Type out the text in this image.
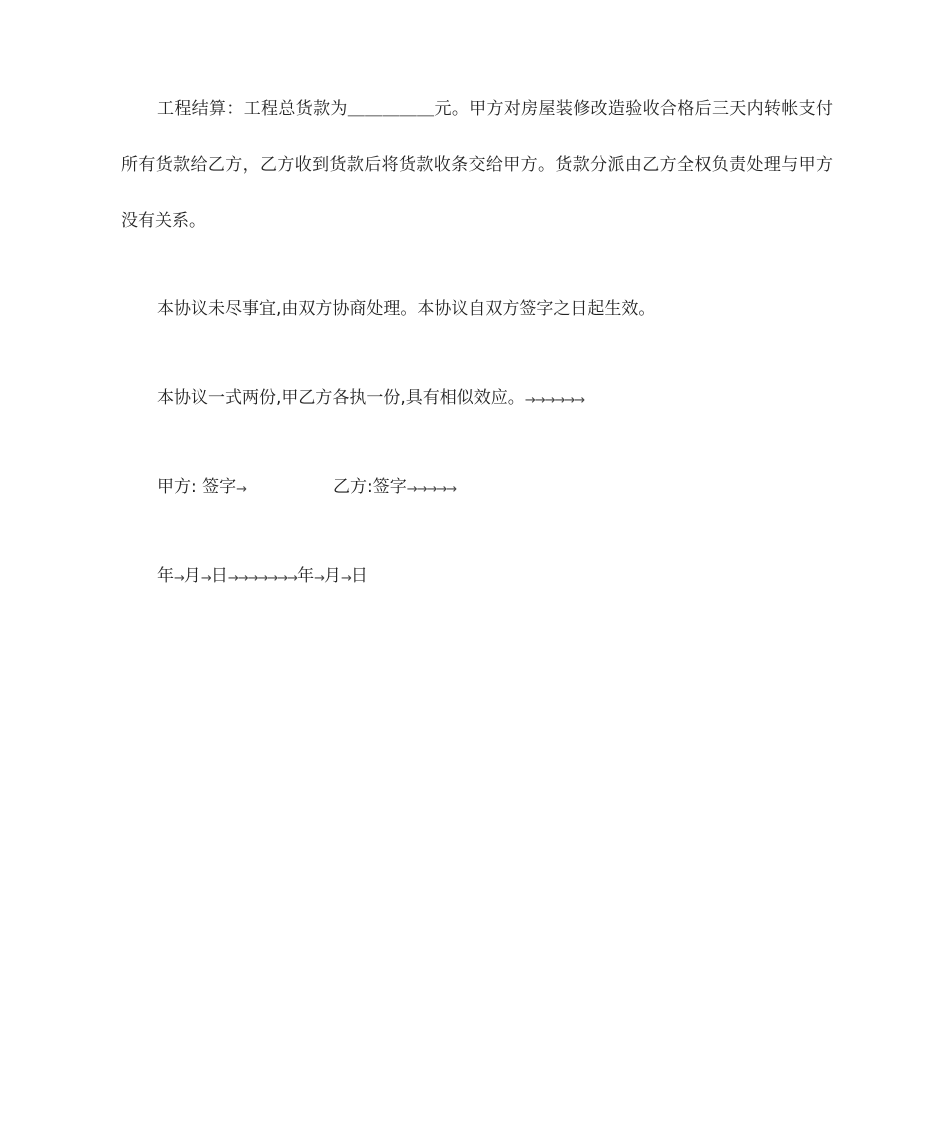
工程结算：工程总货款为＿＿＿＿＿元。甲方对房屋装修改造验收合格后三天内转帐支付所有货款给乙方，乙方收到货款后将货款收条交给甲方。货款分派由乙方全权负责处理与甲方没有关系。

本协议未尽事宜,由双方协商处理。本协议自双方签字之日起生效。
本协议一式两份,甲乙方各执一份,具有相似效应。→→→→→→
甲方: 签字→	乙方:签字→→→→→
年→月→日→→→→→→→年→月→日
